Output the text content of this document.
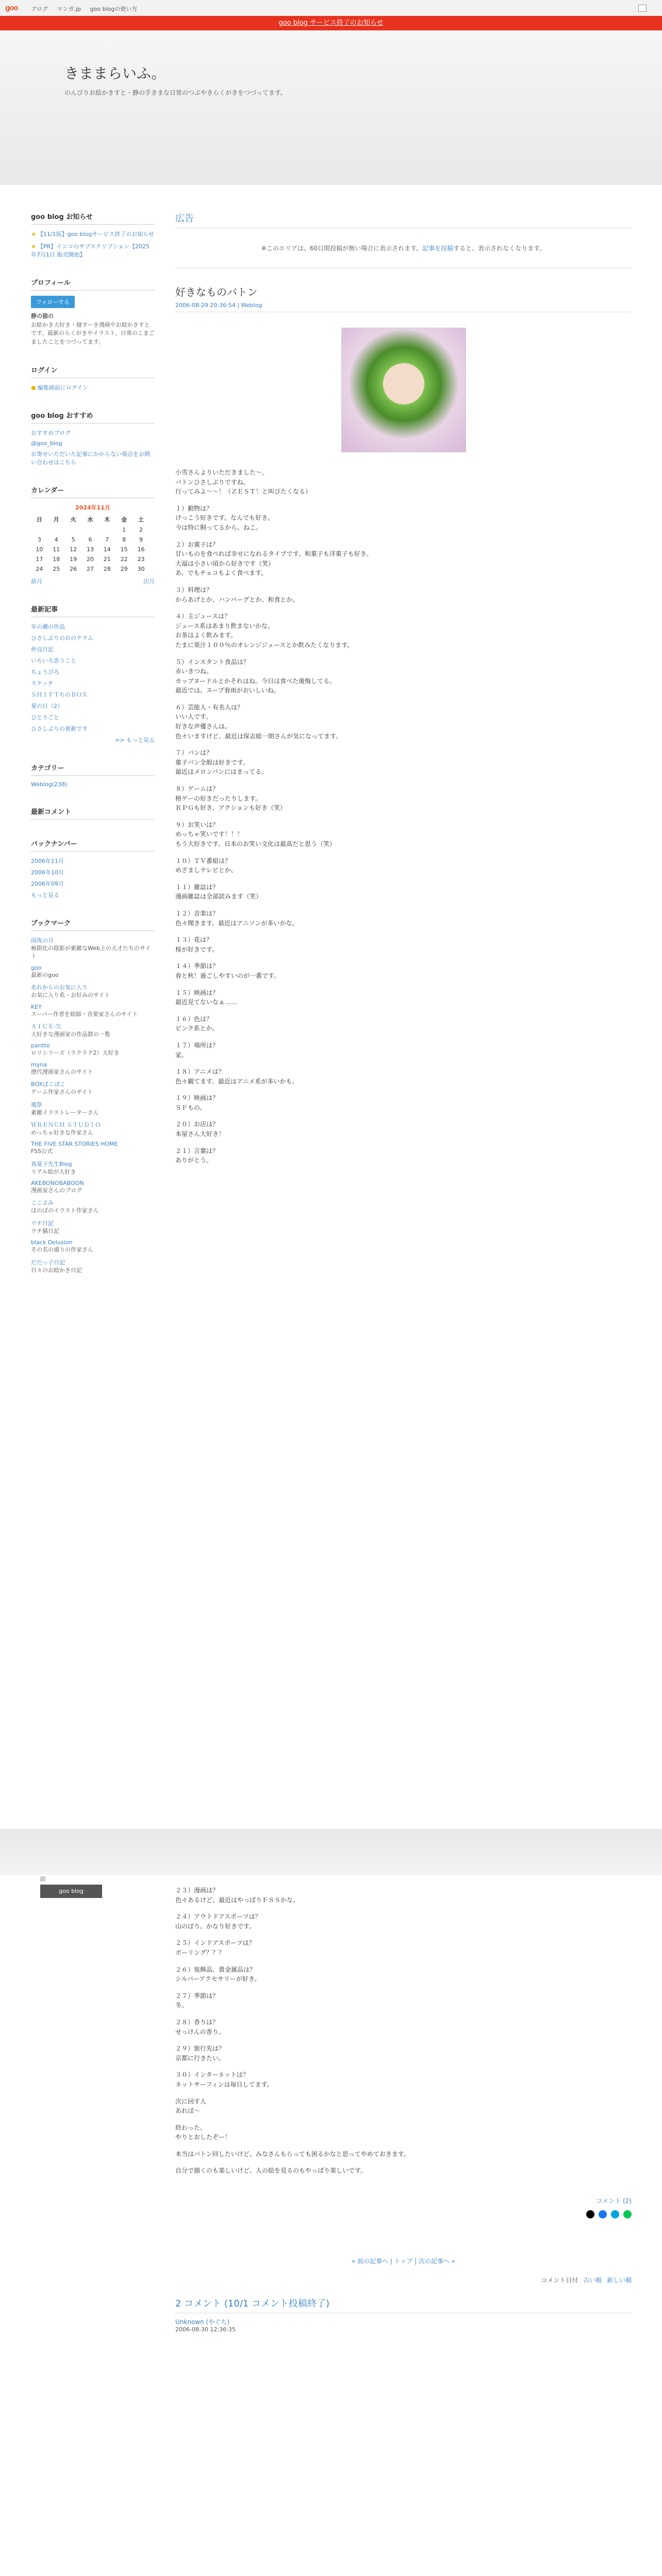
goo ブログ マンガ.jp goo blogの使い方
goo blog サービス終了のお知らせ
きままらいふ。
のんびりお絵かきすと・静の手きまな日常のつぶやきらくがきをつづってます。
goo blog お知らせ
★ 【11/1版】goo blogサービス終了のお知らせ
★ 【PR】インコのサプスクリプション【2025年7月1日 販売開始】
プロフィール
フォローする
静の猫の
お絵かき大好き・寝すーき漫画やお絵かきすとです。最新のらくがきやイラスト、日常のこまごましたことをつづってます。
ログイン
● 編集画面にログイン
goo blog おすすめ
おすすめブログ
@goo_blog
お寄せいただいた記事にかからない場合をお問い合わせはこちら
カレンダー
2024年11月
日	月	火	水	木	金	土
					1	2
3	4	5	6	7	8	9
10	11	12	13	14	15	16
17	18	19	20	21	22	23
24	25	26	27	28	29	30
前月	次月
最新記事
年の瀬の作品
ひさしぶりのおのテラム
仲良日記
いろいろ思うこと
ちょうぴろ
スケッチ
ＳＨＩＦＴちのＢＯＸ
夏の日（2）
ひとりごと
ひさしぶりの更新です
>> もっと見る
カテゴリー
Weblog(238)
最新コメント
バックナンバー
2006年11月
2006年10月
2006年09月
もっと見る
ブックマーク
雨夜の月
極限化の陰影が素敵なWeb上の天才たちのサイト
goo
最新のgoo
あれからのお気に入り
お気に入り系・お好みのサイト
KEY
スーパー作者を絵師・音楽家さんのサイト
ＡＩＣＥ-矢
大好きな漫画家の作品群の一覧
paritte
ロリシリーズ（ラクラク2）大好き
myna
歴代漫画家さんのサイト
BOXばこばこ
ゲーム作家さんのサイト
風祭
素敵イラストレーターさん
ＷＲＥＮＣＨ ＳＴＵＤＩＯ
めっちゃ好きな作家さん
THE FIVE STAR STORIES HOME
FSS公式
真夏子先生Blog
リアル絵が大好き
AKEBONOBABOON
漫画家さんのブログ
ここよみ
ほのぼのイラスト作家さん
ウチ日記
ウチ猫日記
black Delusion
その名の通りの作家さん
だだっ子日記
日々のお絵かき日記
広告
※このエリアは、60日間投稿が無い場合に表示されます。記事を投稿すると、表示されなくなります。
好きなものバトン
2006-08-29 20:36:54 | Weblog
小雪さんよりいただきました〜。
バトンひさしぶりですね。
行ってみよ〜〜！（ＺＥＳＴ！と叫びたくなる）
１）動物は？
けっこう好きです。なんでも好き。
今は特に飼ってるから、ねこ。
２）お菓子は？
甘いものを食べれば幸せになれるタイプです。和菓子も洋菓子も好き。
大福は小さい頃から好きです（笑）
あ、でもチョコもよく食べます。
３）料理は？
からあげとか、ハンバーグとか、和食とか。
４）主ジュースは？
ジュース系はあまり飲まないかな。
お茶はよく飲みます。
たまに果汁１００％のオレンジジュースとか飲みたくなります。
５）インスタント食品は？
赤いきつね。
カップヌードルとかそれはね。今日は食べた後悔してる。
最近では、スープ春雨がおいしいね。
６）芸能人・有名人は？
いい人です。
好きな声優さんは。
色々いますけど、最近は保志総一朗さんが気になってます。
７）パンは？
菓子パン全般は好きです。
最近はメロンパンにはまってる。
８）ゲームは？
格ゲーの好きだったりします。
ＲＰＧも好き、アクションも好き（笑）
９）お笑いは？
めっちゃ笑いです！！！
もう大好きです。日本のお笑い文化は最高だと思う（笑）
１０）ＴＶ番組は？
めざましテレビとか、
１１）雑誌は？
漫画雑誌は全部読みます（笑）
１２）音楽は？
色々聞きます。最近はアニソンが多いかな。
１３）花は？
桜が好きです。
１４）季節は？
春と秋！過ごしやすいのが一番です。
１５）映画は？
最近見てないなぁ……
１６）色は？
ピンク系とか。
１７）場所は？
家。
１８）アニメは？
色々観てます。最近はアニメ系が多いかも。
１９）映画は？
ＳＦもの。
２０）お店は？
本屋さん大好き！
２１）言葉は？
ありがとう。
goo blog	２３）漫画は？
色々あるけど、最近はやっぱりＦＳＳかな。
２４）アウトドアスポーツは？
山のぼり。かなり好きです。
２５）インドアスポーツは？
ボーリング？？？
２６）装飾品、貴金属品は？
シルバーアクセサリーが好き。
２７）季節は？
冬。
２８）香りは？
せっけんの香り。
２９）旅行先は？
京都に行きたい。
３０）インターネットは？
ネットサーフィンは毎日してます。
次に回す人
あれば〜
終わった、
やりとおしたぞー！
本当はバトン回したいけど、みなさんもらっても困るかなと思ってやめておきます。
自分で描くのも楽しいけど、人の絵を見るのもやっぱり楽しいです。
コメント (2)

« 前の記事へ | トップ | 次の記事へ »
コメント日付 古い順 新しい順
2 コメント (10/1 コメント投稿終了)
Unknown (やぐち)
2006-08-30 12:36:35
